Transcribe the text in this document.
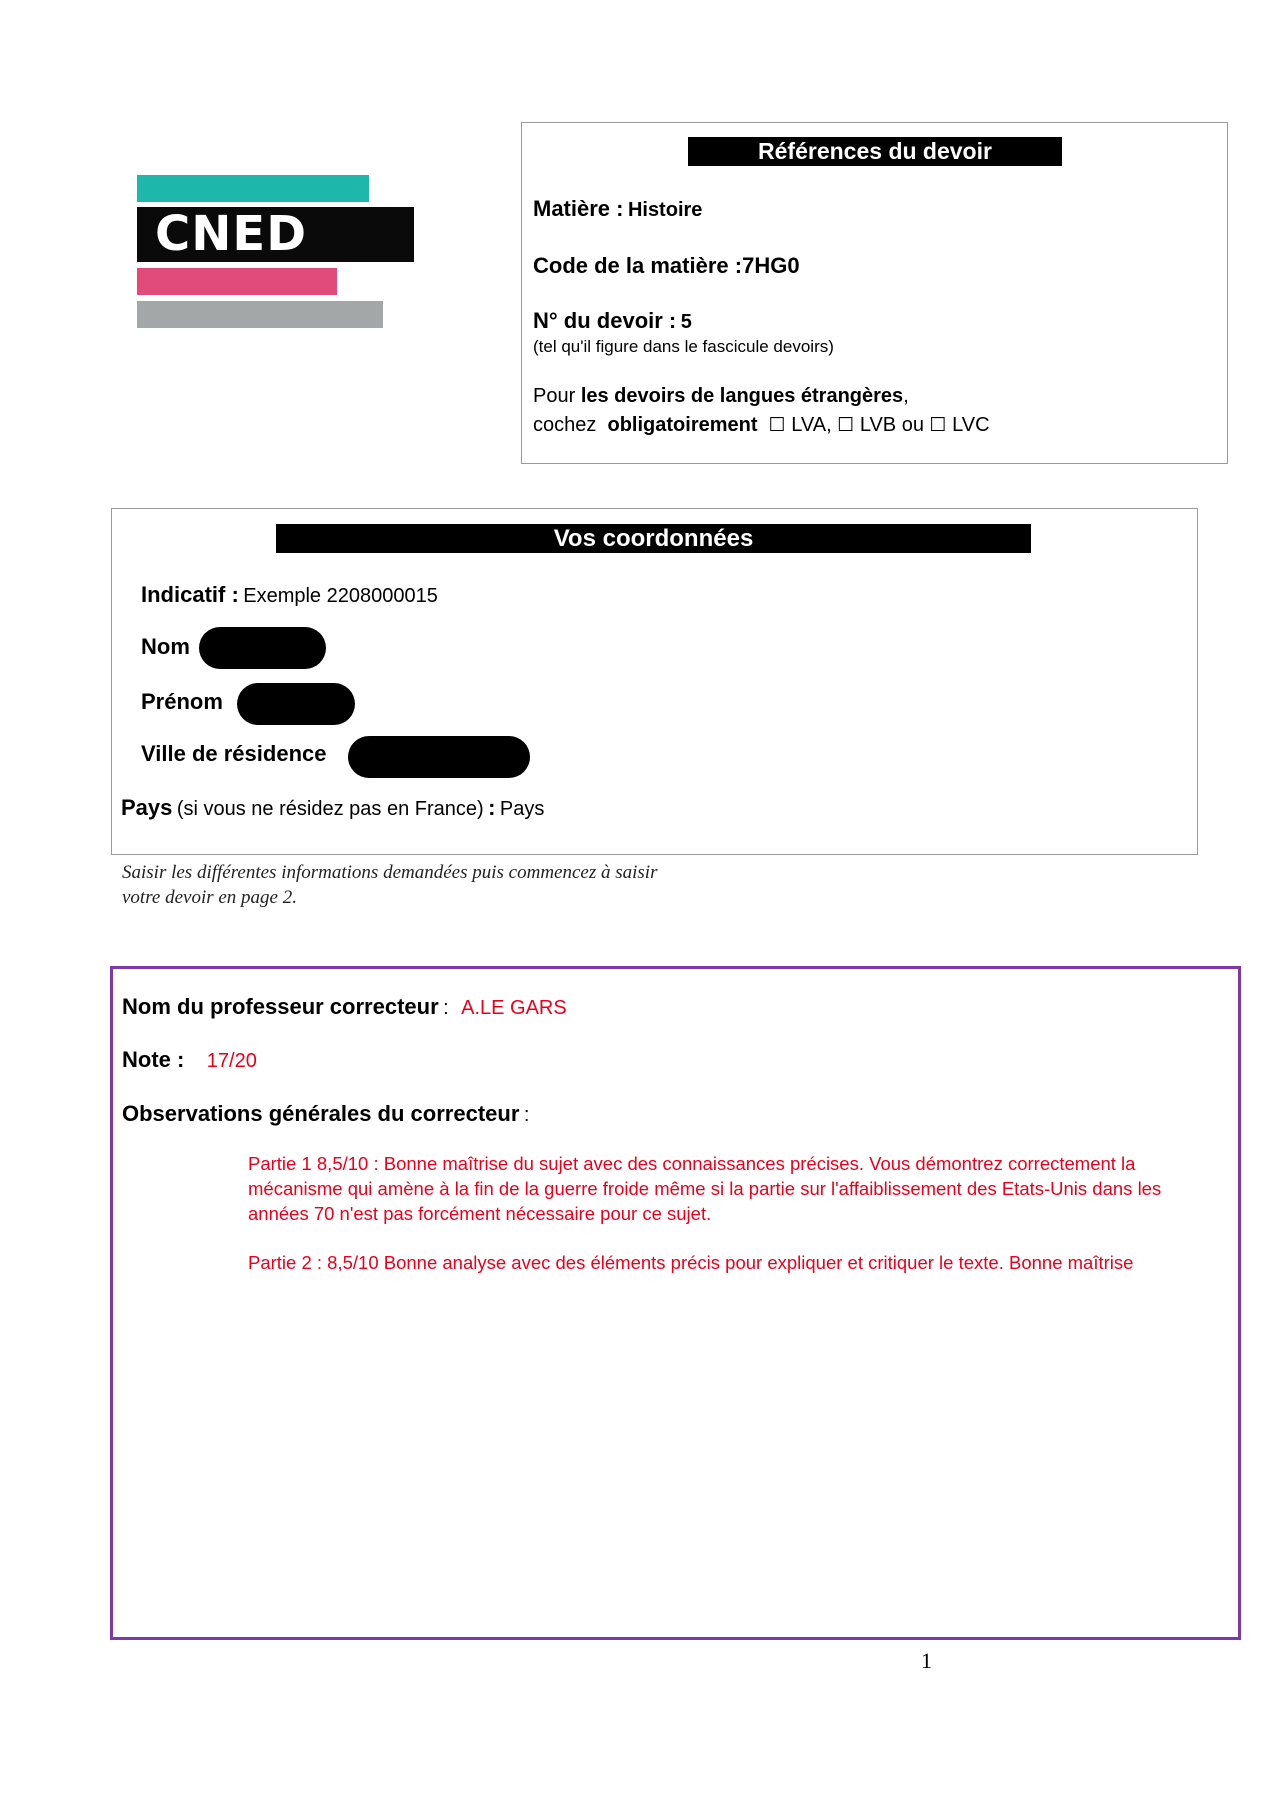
CNED
Références du devoir
Matière : Histoire
Code de la matière :7HG0
N° du devoir : 5
(tel qu'il figure dans le fascicule devoirs)
Pour les devoirs de langues étrangères,
cochez obligatoirement ☐ LVA, ☐ LVB ou ☐ LVC
Vos coordonnées
Indicatif : Exemple 2208000015
Nom
Prénom
Ville de résidence
Pays (si vous ne résidez pas en France) : Pays
Saisir les différentes informations demandées puis commencez à saisir
votre devoir en page 2.
Nom du professeur correcteur : A.LE GARS
Note : 17/20
Observations générales du correcteur :
Partie 1 8,5/10 : Bonne maîtrise du sujet avec des connaissances précises. Vous démontrez correctement la mécanisme qui amène à la fin de la guerre froide même si la partie sur l'affaiblissement des Etats-Unis dans les années 70 n'est pas forcément nécessaire pour ce sujet.
Partie 2 : 8,5/10 Bonne analyse avec des éléments précis pour expliquer et critiquer le texte. Bonne maîtrise
1
